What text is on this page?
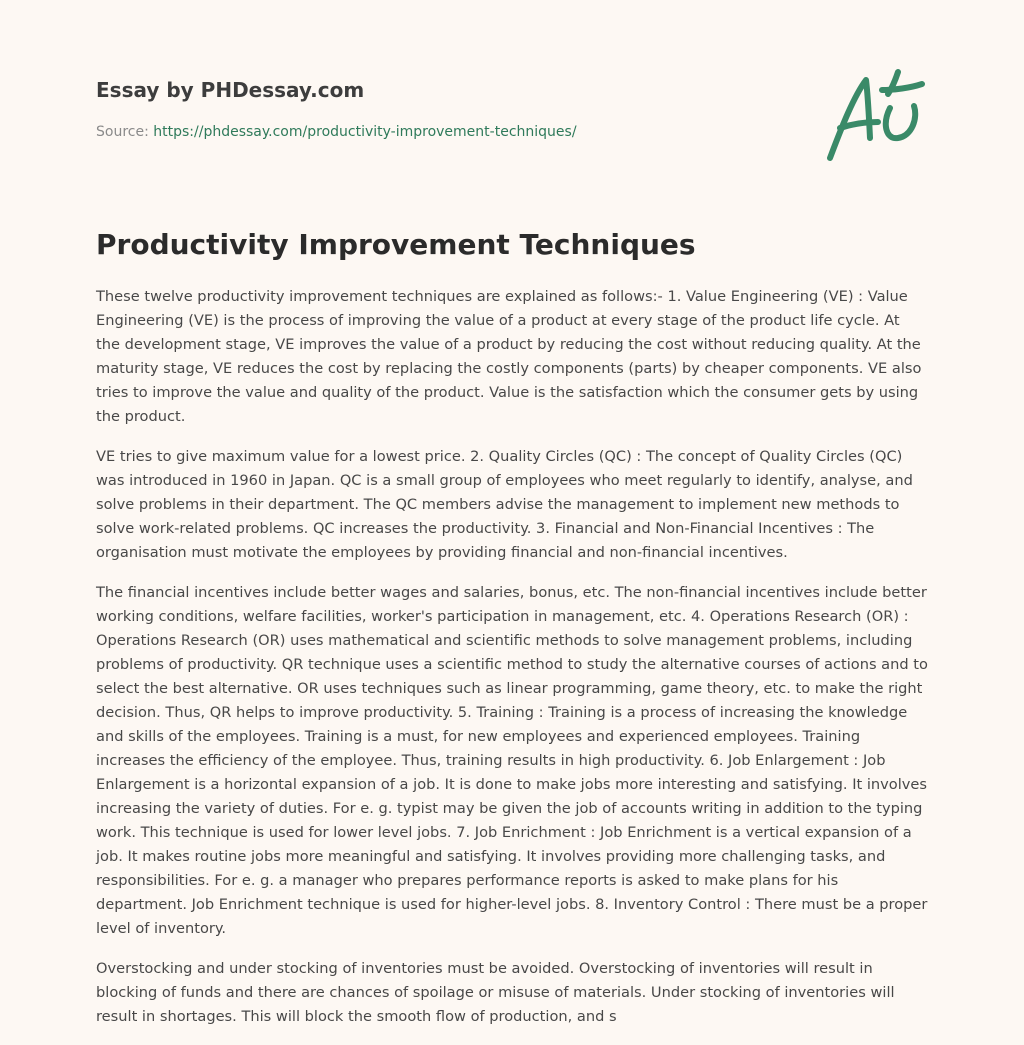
Essay by PHDessay.com
Source: https://phdessay.com/productivity-improvement-techniques/
Productivity Improvement Techniques

These twelve productivity improvement techniques are explained as follows:- 1. Value Engineering (VE) : Value Engineering (VE) is the process of improving the value of a product at every stage of the product life cycle. At the development stage, VE improves the value of a product by reducing the cost without reducing quality. At the maturity stage, VE reduces the cost by replacing the costly components (parts) by cheaper components. VE also tries to improve the value and quality of the product. Value is the satisfaction which the consumer gets by using the product.

VE tries to give maximum value for a lowest price. 2. Quality Circles (QC) : The concept of Quality Circles (QC) was introduced in 1960 in Japan. QC is a small group of employees who meet regularly to identify, analyse, and solve problems in their department. The QC members advise the management to implement new methods to solve work-related problems. QC increases the productivity. 3. Financial and Non-Financial Incentives : The organisation must motivate the employees by providing financial and non-financial incentives.

The financial incentives include better wages and salaries, bonus, etc. The non-financial incentives include better working conditions, welfare facilities, worker's participation in management, etc. 4. Operations Research (OR) : Operations Research (OR) uses mathematical and scientific methods to solve management problems, including problems of productivity. QR technique uses a scientific method to study the alternative courses of actions and to select the best alternative. OR uses techniques such as linear programming, game theory, etc. to make the right decision. Thus, QR helps to improve productivity. 5. Training : Training is a process of increasing the knowledge and skills of the employees. Training is a must, for new employees and experienced employees. Training increases the efficiency of the employee. Thus, training results in high productivity. 6. Job Enlargement : Job Enlargement is a horizontal expansion of a job. It is done to make jobs more interesting and satisfying. It involves increasing the variety of duties. For e. g. typist may be given the job of accounts writing in addition to the typing work. This technique is used for lower level jobs. 7. Job Enrichment : Job Enrichment is a vertical expansion of a job. It makes routine jobs more meaningful and satisfying. It involves providing more challenging tasks, and responsibilities. For e. g. a manager who prepares performance reports is asked to make plans for his department. Job Enrichment technique is used for higher-level jobs. 8. Inventory Control : There must be a proper level of inventory.

Overstocking and under stocking of inventories must be avoided. Overstocking of inventories will result in blocking of funds and there are chances of spoilage or misuse of materials. Under stocking of inventories will result in shortages. This will block the smooth flow of production, and s
